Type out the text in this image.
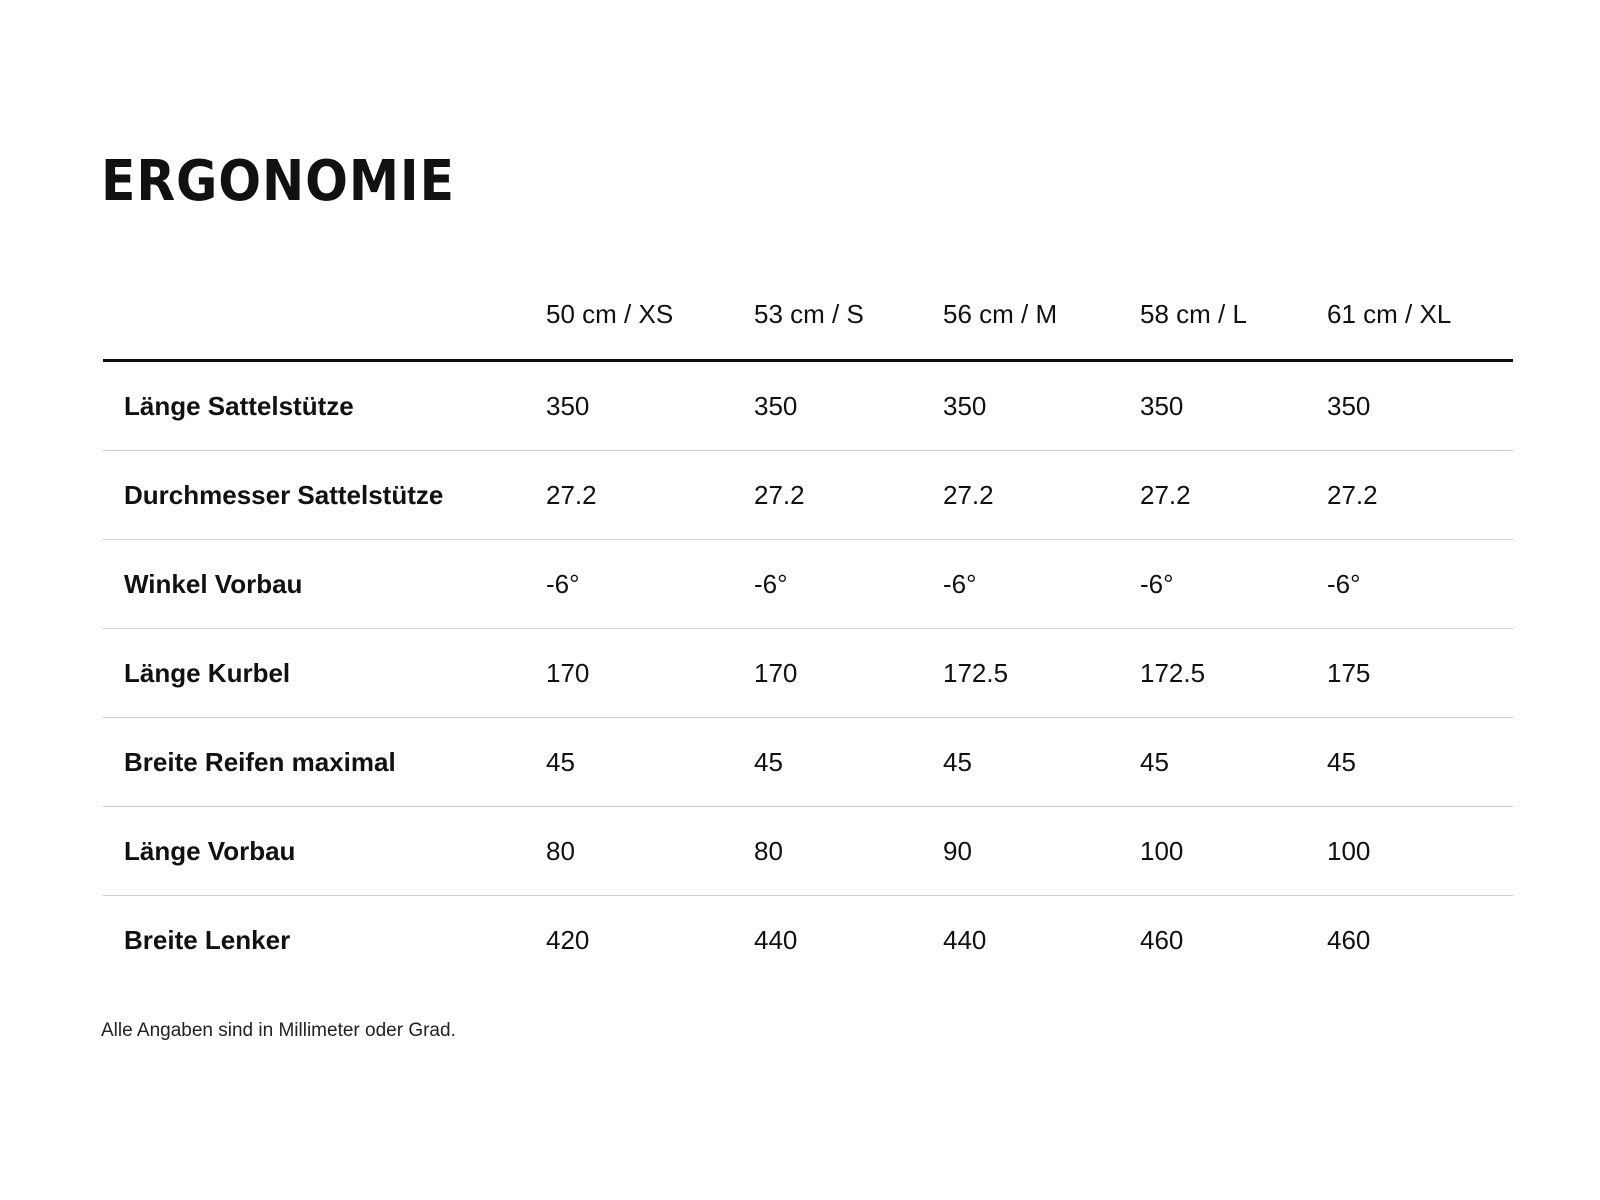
ERGONOMIE
	50 cm / XS	53 cm / S	56 cm / M	58 cm / L	61 cm / XL
Länge Sattelstütze	350	350	350	350	350
Durchmesser Sattelstütze	27.2	27.2	27.2	27.2	27.2
Winkel Vorbau	-6°	-6°	-6°	-6°	-6°
Länge Kurbel	170	170	172.5	172.5	175
Breite Reifen maximal	45	45	45	45	45
Länge Vorbau	80	80	90	100	100
Breite Lenker	420	440	440	460	460

Alle Angaben sind in Millimeter oder Grad.
